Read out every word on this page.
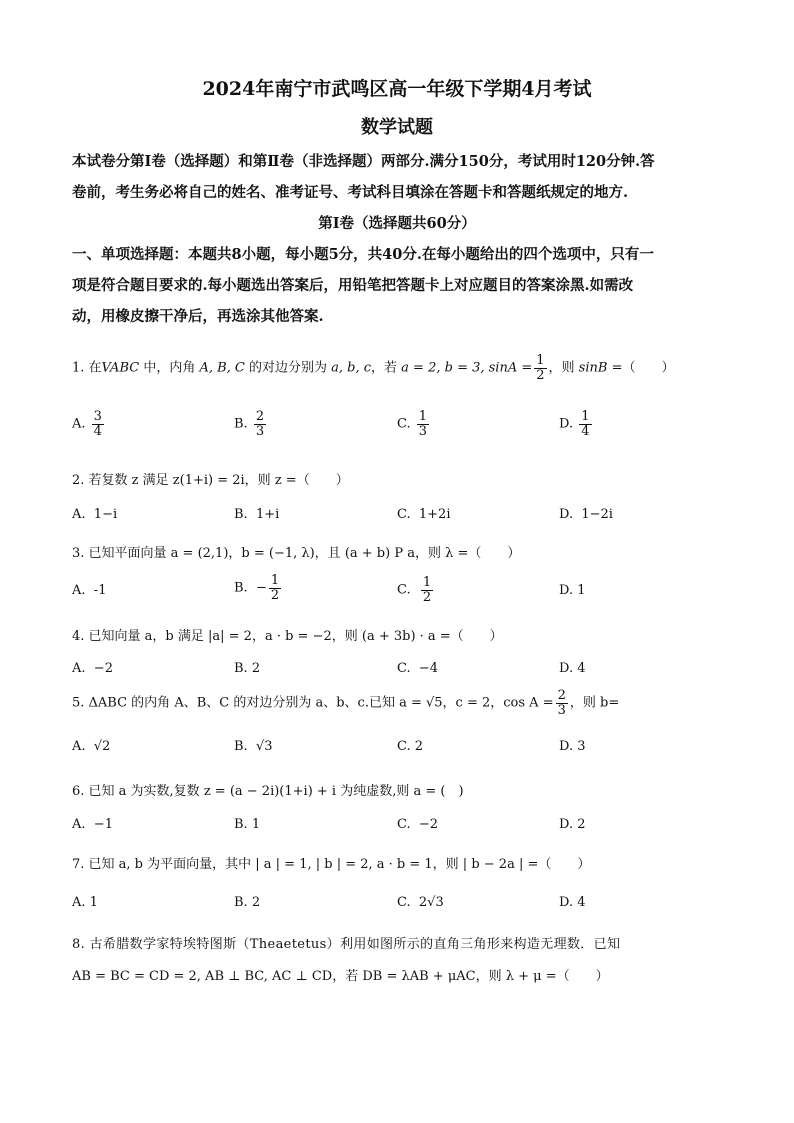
2024年南宁市武鸣区高一年级下学期4月考试
数学试题
本试卷分第Ⅰ卷（选择题）和第Ⅱ卷（非选择题）两部分.满分150分，考试用时120分钟.答
卷前，考生务必将自己的姓名、准考证号、考试科目填涂在答题卡和答题纸规定的地方.
第Ⅰ卷（选择题共60分）
一、单项选择题：本题共8小题，每小题5分，共40分.在每小题给出的四个选项中，只有一
项是符合题目要求的.每小题选出答案后，用铅笔把答题卡上对应题目的答案涂黑.如需改
动，用橡皮擦干净后，再选涂其他答案.
1. 在VABC 中，内角 A, B, C 的对边分别为 a, b, c，若 a = 2, b = 3, $\sin A = \frac{1}{2}$ ，则 sinB =（　　）
A. $\frac{3}{4}$	B. $\frac{2}{3}$	C. $\frac{1}{3}$	D. $\frac{1}{4}$
2. 若复数 z 满足 z(1+i) = 2i，则 z =（　　）
A. 1−i	B. 1+i	C. 1+2i	D. 1−2i
3. 已知平面向量 a = (2,1)，b = (−1, λ)，且 (a + b) P a，则 λ =（　　）
A. -1	B. − $\frac{1}{2}$	C. $\frac{1}{2}$	D. 1
4. 已知向量 a，b 满足 |a| = 2，a · b = −2，则 (a + 3b) · a =（　　）
A. −2	B. 2	C. −4	D. 4
5. ΔABC 的内角 A、B、C 的对边分别为 a、b、c.已知 a = √5，c = 2，$\cos A = \frac{2}{3}$ ，则 b=
A. √2	B. √3	C. 2	D. 3
6. 已知 a 为实数,复数 z = (a − 2i)(1+i) + i 为纯虚数,则 a = (　)
A. −1	B. 1	C. −2	D. 2
7. 已知 a, b 为平面向量，其中 | a | = 1, | b | = 2, a · b = 1，则 | b − 2a | =（　　）
A. 1	B. 2	C. 2√3	D. 4
8. 古希腊数学家特埃特图斯（Theaetetus）利用如图所示的直角三角形来构造无理数．已知
AB = BC = CD = 2, AB ⊥ BC, AC ⊥ CD，若 DB = λAB + μAC，则 λ + μ =（　　）
